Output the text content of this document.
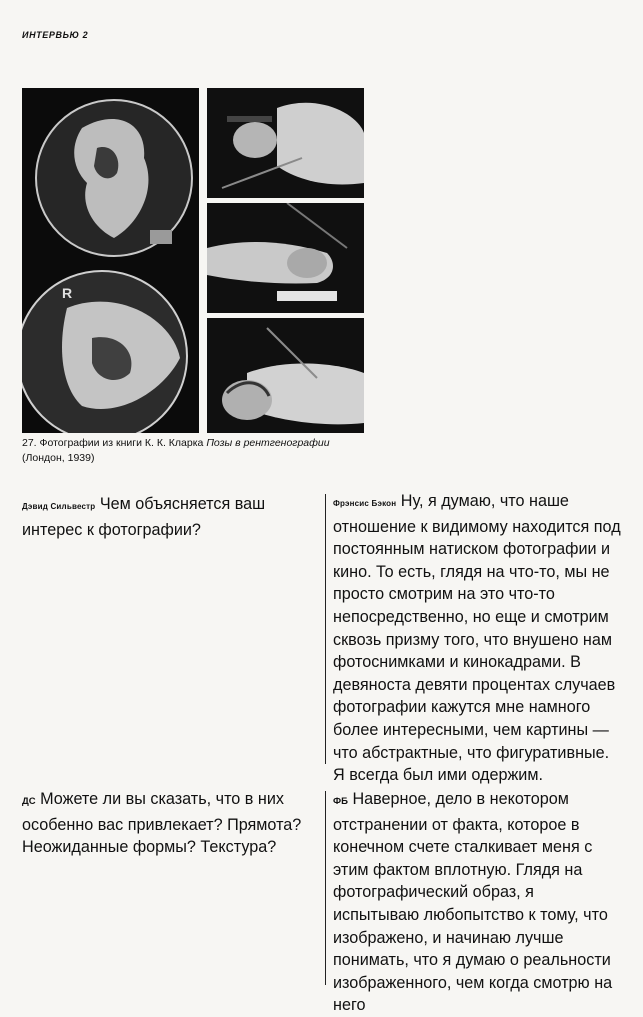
ИНТЕРВЬЮ 2
R
27. Фотографии из книги К. К. Кларка Позы в рентгенографии (Лондон, 1939)

Дэвид Сильвестр Чем объясняется ваш интерес к фотографии?

Фрэнсис Бэкон Ну, я думаю, что наше отношение к видимому находится под постоянным натиском фотографии и кино. То есть, глядя на что-то, мы не просто смотрим на это что-то непосредственно, но еще и смотрим сквозь призму того, что внушено нам фотоснимками и кинокадрами. В девяноста девяти процентах случаев фотографии кажутся мне намного более интересными, чем картины — что абстрактные, что фигуративные. Я всегда был ими одержим.

ДС Можете ли вы сказать, что в них особенно вас привлекает? Прямота? Неожиданные формы? Текстура?

ФБ Наверное, дело в некотором отстранении от факта, которое в конечном счете сталкивает меня с этим фактом вплотную. Глядя на фотографический образ, я испытываю любопытство к тому, что изображено, и начинаю лучше понимать, что я думаю о реальности изображенного, чем когда смотрю на него
